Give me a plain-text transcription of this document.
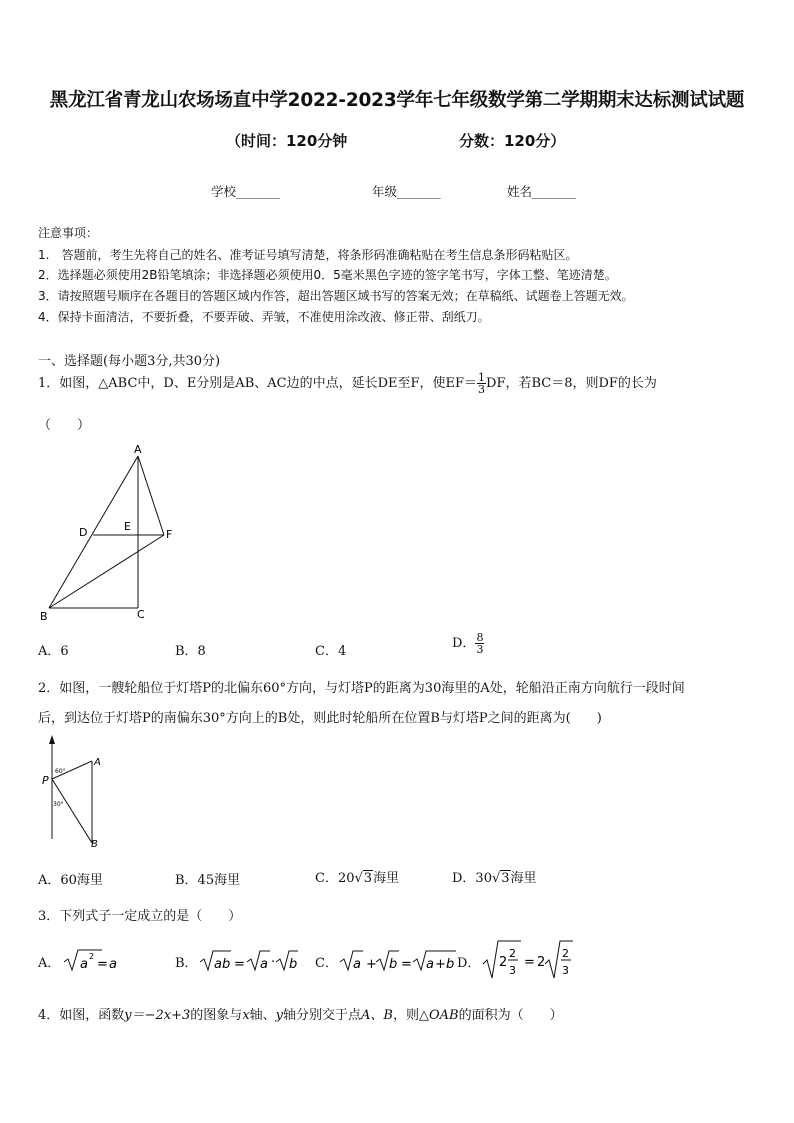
黑龙江省青龙山农场场直中学2022-2023学年七年级数学第二学期期末达标测试试题
（时间：120分钟	分数：120分）
学校_______	年级_______	姓名_______
注意事项：
1.　答题前，考生先将自己的姓名、准考证号填写清楚，将条形码准确粘贴在考生信息条形码粘贴区。
2．选择题必须使用2B铅笔填涂；非选择题必须使用0．5毫米黑色字迹的签字笔书写，字体工整、笔迹清楚。
3．请按照题号顺序在各题目的答题区域内作答，超出答题区域书写的答案无效；在草稿纸、试题卷上答题无效。
4．保持卡面清洁，不要折叠，不要弄破、弄皱，不准使用涂改液、修正带、刮纸刀。
一、选择题(每小题3分,共30分)
1．如图，△ABC中，D、E分别是AB、AC边的中点，延长DE至F，使$EF= \frac{1}{3}$ DF，若BC＝8，则DF的长为
（　　）
A
D	E
F
B	C
A．6	B．8	C．4
D． $\frac{8}{3}$
2．如图，一艘轮船位于灯塔P的北偏东60°方向，与灯塔P的距离为30海里的A处，轮船沿正南方向航行一段时间
后，到达位于灯塔P的南偏东30°方向上的B处，则此时轮船所在位置B与灯塔P之间的距离为(　　)
P
A
B
60°
30°
A．60海里	B．45海里	C．20√3海里	D．30√3海里
3．下列式子一定成立的是（　　）
A． a
2
= a	B． ab = a · b C． a + b = a + b D． 2
2
3
= 2
2
3
4．如图，函数y＝−2x+3的图象与x轴、y轴分别交于点A、B，则△OAB的面积为（　　）
